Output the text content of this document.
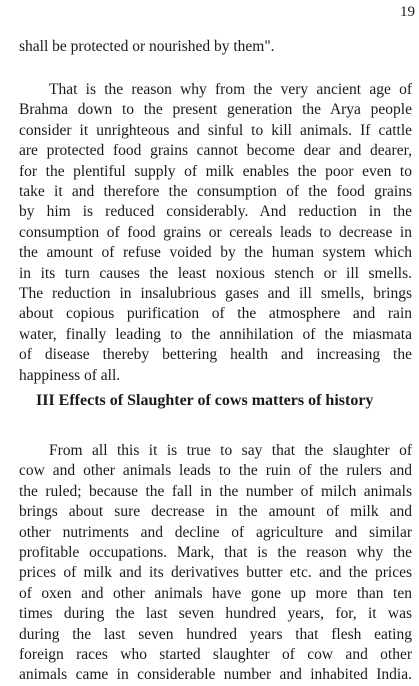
19
shall be protected or nourished by them".
That is the reason why from the very ancient age of
Brahma down to the present generation the Arya people
consider it unrighteous and sinful to kill animals. If cattle
are protected food grains cannot become dear and dearer,
for the plentiful supply of milk enables the poor even to
take it and therefore the consumption of the food grains
by him is reduced considerably. And reduction in the
consumption of food grains or cereals leads to decrease in
the amount of refuse voided by the human system which
in its turn causes the least noxious stench or ill smells.
The reduction in insalubrious gases and ill smells, brings
about copious purification of the atmosphere and rain
water, finally leading to the annihilation of the miasmata
of disease thereby bettering health and increasing the
happiness of all.
III Effects of Slaughter of cows matters of history
From all this it is true to say that the slaughter of
cow and other animals leads to the ruin of the rulers and
the ruled; because the fall in the number of milch animals
brings about sure decrease in the amount of milk and
other nutriments and decline of agriculture and similar
profitable occupations. Mark, that is the reason why the
prices of milk and its derivatives butter etc. and the prices
of oxen and other animals have gone up more than ten
times during the last seven hundred years, for, it was
during the last seven hundred years that flesh eating
foreign races who started slaughter of cow and other
animals came in considerable number and inhabited India.
